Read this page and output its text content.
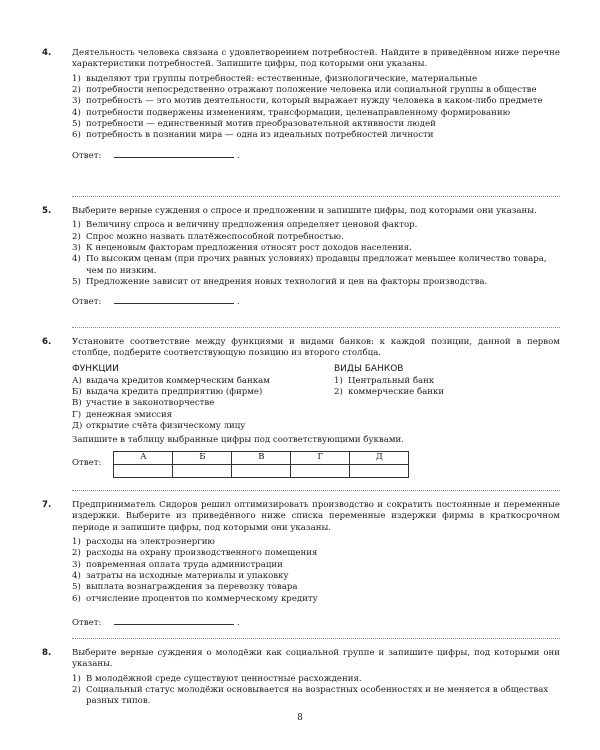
4. Деятельность человека связана с удовлетворением потребностей. Найдите в приведённом ниже перечне характеристики потребностей. Запишите цифры, под которыми они указаны.

1) выделяют три группы потребностей: естественные, физиологические, материальные
2) потребности непосредственно отражают положение человека или социальной группы в обществе
3) потребность — это мотив деятельности, который выражает нужду человека в каком-либо предмете
4) потребности подвержены изменениям, трансформации, целенаправленному формированию
5) потребности — единственный мотив преобразовательной активности людей
6) потребность в познании мира — одна из идеальных потребностей личности
Ответ:	.
5. Выберите верные суждения о спросе и предложении и запишите цифры, под которыми они указаны.

1) Величину спроса и величину предложения определяет ценовой фактор.
2) Спрос можно назвать платёжеспособной потребностью.
3) К неценовым факторам предложения относят рост доходов населения.
4) По высоким ценам (при прочих равных условиях) продавцы предложат меньшее количество товара, чем по низким.
5) Предложение зависит от внедрения новых технологий и цен на факторы производства.
Ответ:	.
6. Установите соответствие между функциями и видами банков: к каждой позиции, данной в первом столбце, подберите соответствующую позицию из второго столбца.

ФУНКЦИИ
А) выдача кредитов коммерческим банкам
Б) выдача кредита предприятию (фирме)
В) участие в законотворчестве
Г) денежная эмиссия
Д) открытие счёта физическому лицу
ВИДЫ БАНКОВ
1) Центральный банк
2) коммерческие банки
Запишите в таблицу выбранные цифры под соответствующими буквами.
Ответ:
А	Б	В	Г	Д

7. Предприниматель Сидоров решил оптимизировать производство и сократить постоянные и переменные издержки. Выберите из приведённого ниже списка переменные издержки фирмы в краткосрочном периоде и запишите цифры, под которыми они указаны.

1) расходы на электроэнергию
2) расходы на охрану производственного помещения
3) повременная оплата труда администрации
4) затраты на исходные материалы и упаковку
5) выплата вознаграждения за перевозку товара
6) отчисление процентов по коммерческому кредиту
Ответ:	.
8. Выберите верные суждения о молодёжи как социальной группе и запишите цифры, под которыми они указаны.

1) В молодёжной среде существуют ценностные расхождения.
2) Социальный статус молодёжи основывается на возрастных особенностях и не меняется в обществах разных типов.
8
